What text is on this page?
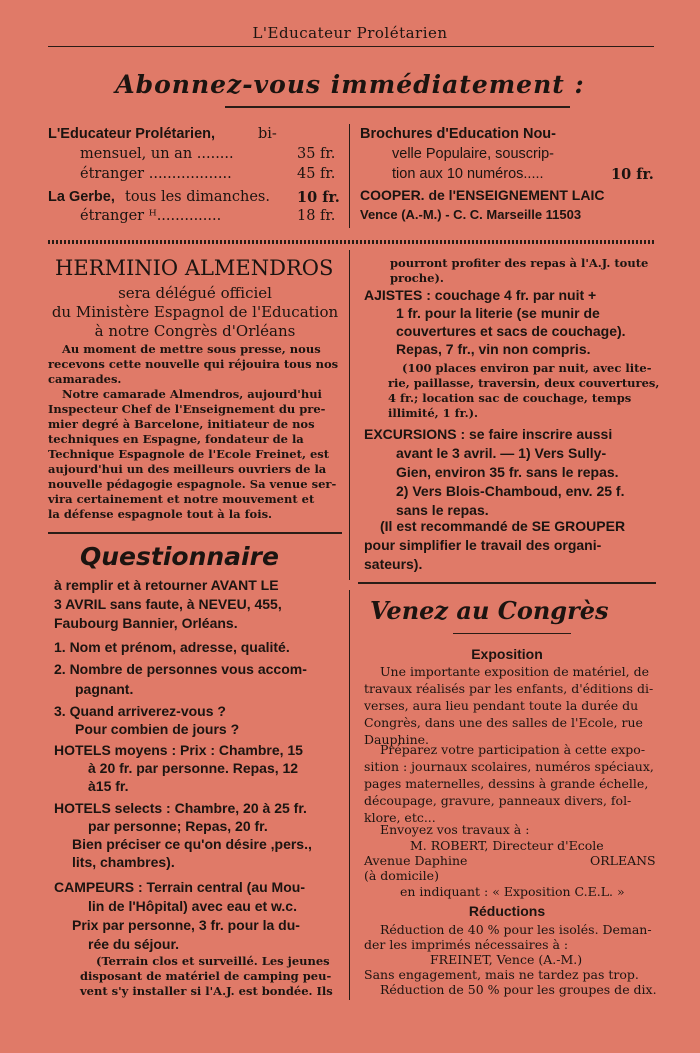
L'Educateur Prolétarien
Abonnez-vous immédiatement :
L'Educateur Prolétarien,	bi-
mensuel, un an ........	35 fr.
étranger ..................	45 fr.
La Gerbe, tous les dimanches. 10 fr.
étranger ᴴ..............	18 fr.
Brochures d'Education Nou-
velle Populaire, souscrip-
tion aux 10 numéros.....	10 fr.
COOPER. de l'ENSEIGNEMENT LAIC
Vence (A.-M.) - C. C. Marseille 11503
HERMINIO ALMENDROS
sera délégué officiel
du Ministère Espagnol de l'Education
à notre Congrès d'Orléans
Au moment de mettre sous presse, nous
recevons cette nouvelle qui réjouira tous nos
camarades.
Notre camarade Almendros, aujourd'hui
Inspecteur Chef de l'Enseignement du pre-
mier degré à Barcelone, initiateur de nos
techniques en Espagne, fondateur de la
Technique Espagnole de l'Ecole Freinet, est
aujourd'hui un des meilleurs ouvriers de la
nouvelle pédagogie espagnole. Sa venue ser-
vira certainement et notre mouvement et
la défense espagnole tout à la fois.
Questionnaire
à remplir et à retourner AVANT LE
3 AVRIL sans faute, à NEVEU, 455,
Faubourg Bannier, Orléans.
1. Nom et prénom, adresse, qualité.
2. Nombre de personnes vous accom-
pagnant.
3. Quand arriverez-vous ?
Pour combien de jours ?
HOTELS moyens : Prix : Chambre, 15
à 20 fr. par personne. Repas, 12
à15 fr.
HOTELS selects : Chambre, 20 à 25 fr.
par personne; Repas, 20 fr.
Bien préciser ce qu'on désire ,pers.,
lits, chambres).
CAMPEURS : Terrain central (au Mou-
lin de l'Hôpital) avec eau et w.c.
Prix par personne, 3 fr. pour la du-
rée du séjour.
(Terrain clos et surveillé. Les jeunes
disposant de matériel de camping peu-
vent s'y installer si l'A.J. est bondée. Ils
pourront profiter des repas à l'A.J. toute
proche).
AJISTES : couchage 4 fr. par nuit +
1 fr. pour la literie (se munir de
couvertures et sacs de couchage).
Repas, 7 fr., vin non compris.
(100 places environ par nuit, avec lite-
rie, paillasse, traversin, deux couvertures,
4 fr.; location sac de couchage, temps
illimité, 1 fr.).
EXCURSIONS : se faire inscrire aussi
avant le 3 avril. — 1) Vers Sully-
Gien, environ 35 fr. sans le repas.
2) Vers Blois-Chamboud, env. 25 f.
sans le repas.
(Il est recommandé de SE GROUPER
pour simplifier le travail des organi-
sateurs).
Venez au Congrès
Exposition
Une importante exposition de matériel, de
travaux réalisés par les enfants, d'éditions di-
verses, aura lieu pendant toute la durée du
Congrès, dans une des salles de l'Ecole, rue
Dauphine.
Préparez votre participation à cette expo-
sition : journaux scolaires, numéros spéciaux,
pages maternelles, dessins à grande échelle,
découpage, gravure, panneaux divers, fol-
klore, etc...
Envoyez vos travaux à :
M. ROBERT, Directeur d'Ecole
Avenue Daphine	ORLEANS
(à domicile)
en indiquant : « Exposition C.E.L. »
Réductions
Réduction de 40 % pour les isolés. Deman-
der les imprimés nécessaires à :
FREINET, Vence (A.-M.)
Sans engagement, mais ne tardez pas trop.
Réduction de 50 % pour les groupes de dix.
